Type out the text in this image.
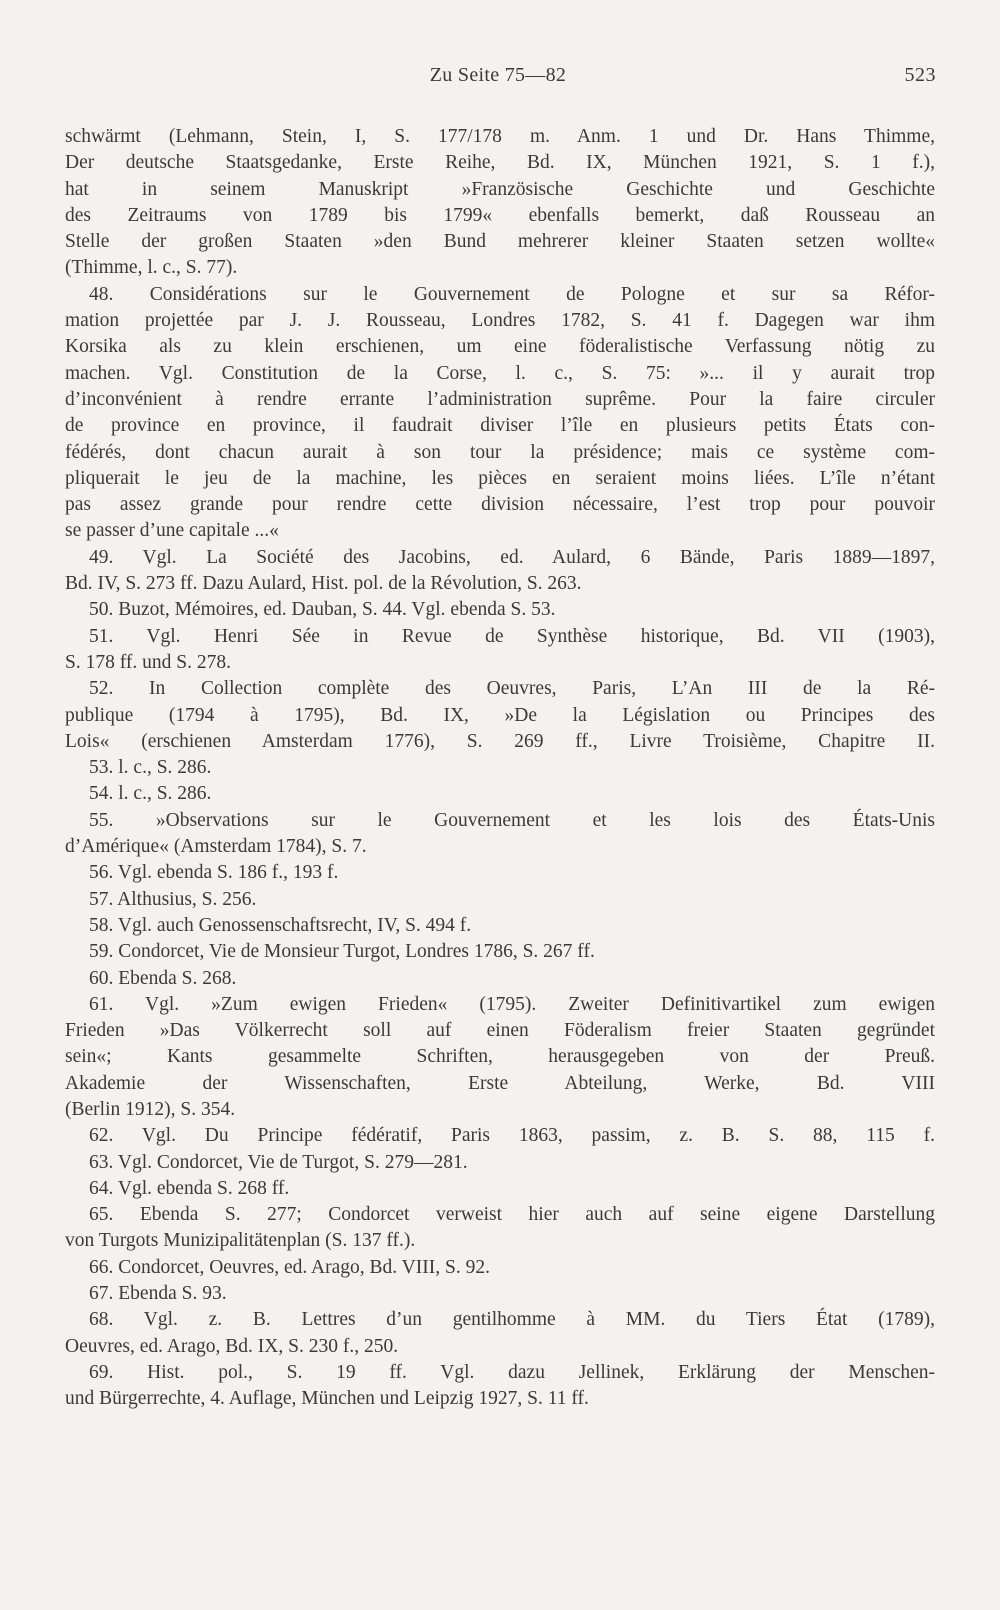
Zu Seite 75—82	523
schwärmt (Lehmann, Stein, I, S. 177/178 m. Anm. 1 und Dr. Hans Thimme,
Der deutsche Staatsgedanke, Erste Reihe, Bd. IX, München 1921, S. 1 f.),
hat in seinem Manuskript »Französische Geschichte und Geschichte
des Zeitraums von 1789 bis 1799« ebenfalls bemerkt, daß Rousseau an
Stelle der großen Staaten »den Bund mehrerer kleiner Staaten setzen wollte«
(Thimme, l. c., S. 77).
48. Considérations sur le Gouvernement de Pologne et sur sa Réfor-
mation projettée par J. J. Rousseau, Londres 1782, S. 41 f. Dagegen war ihm
Korsika als zu klein erschienen, um eine föderalistische Verfassung nötig zu
machen. Vgl. Constitution de la Corse, l. c., S. 75: »... il y aurait trop
d’inconvénient à rendre errante l’administration suprême. Pour la faire circuler
de province en province, il faudrait diviser l’île en plusieurs petits États con-
fédérés, dont chacun aurait à son tour la présidence; mais ce système com-
pliquerait le jeu de la machine, les pièces en seraient moins liées. L’île n’étant
pas assez grande pour rendre cette division nécessaire, l’est trop pour pouvoir
se passer d’une capitale ...«
49. Vgl. La Société des Jacobins, ed. Aulard, 6 Bände, Paris 1889—1897,
Bd. IV, S. 273 ff. Dazu Aulard, Hist. pol. de la Révolution, S. 263.
50. Buzot, Mémoires, ed. Dauban, S. 44. Vgl. ebenda S. 53.
51. Vgl. Henri Sée in Revue de Synthèse historique, Bd. VII (1903),
S. 178 ff. und S. 278.
52. In Collection complète des Oeuvres, Paris, L’An III de la Ré-
publique (1794 à 1795), Bd. IX, »De la Législation ou Principes des
Lois« (erschienen Amsterdam 1776), S. 269 ff., Livre Troisième, Chapitre II.
53. l. c., S. 286.
54. l. c., S. 286.
55. »Observations sur le Gouvernement et les lois des États-Unis
d’Amérique« (Amsterdam 1784), S. 7.
56. Vgl. ebenda S. 186 f., 193 f.
57. Althusius, S. 256.
58. Vgl. auch Genossenschaftsrecht, IV, S. 494 f.
59. Condorcet, Vie de Monsieur Turgot, Londres 1786, S. 267 ff.
60. Ebenda S. 268.
61. Vgl. »Zum ewigen Frieden« (1795). Zweiter Definitivartikel zum ewigen
Frieden »Das Völkerrecht soll auf einen Föderalism freier Staaten gegründet
sein«; Kants gesammelte Schriften, herausgegeben von der Preuß.
Akademie der Wissenschaften, Erste Abteilung, Werke, Bd. VIII
(Berlin 1912), S. 354.
62. Vgl. Du Principe fédératif, Paris 1863, passim, z. B. S. 88, 115 f.
63. Vgl. Condorcet, Vie de Turgot, S. 279—281.
64. Vgl. ebenda S. 268 ff.
65. Ebenda S. 277; Condorcet verweist hier auch auf seine eigene Darstellung
von Turgots Munizipalitätenplan (S. 137 ff.).
66. Condorcet, Oeuvres, ed. Arago, Bd. VIII, S. 92.
67. Ebenda S. 93.
68. Vgl. z. B. Lettres d’un gentilhomme à MM. du Tiers État (1789),
Oeuvres, ed. Arago, Bd. IX, S. 230 f., 250.
69. Hist. pol., S. 19 ff. Vgl. dazu Jellinek, Erklärung der Menschen-
und Bürgerrechte, 4. Auflage, München und Leipzig 1927, S. 11 ff.
